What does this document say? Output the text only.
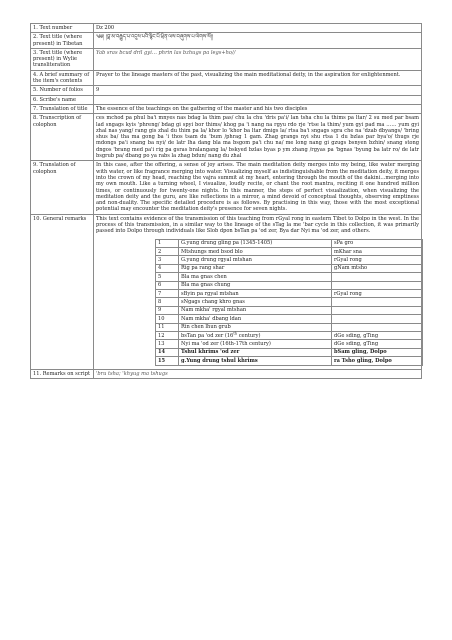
1. Text number	Dz 200
2. Text title (where present) in Tibetan	༄༅། །བླ་མ་བརྒྱུད་པ་འདུས་པའི་སྙིང་པོ་ཕྲིན་ལས་བཞུགས་པ་ལེགས་སོ།།
3. Text title (where present) in Wylie transliteration	Yab sras bcud dril gyi… phrin las bzhugs pa legs+ho//
4. A brief summary of the item's contents	Prayer to the lineage masters of the past, visualizing the main meditational deity, in the aspiration for enlightenment.
5. Number of folios	9
6. Scribe's name	
7. Translation of title	The essence of the teachings on the gathering of the master and his two disciples
8. Transcription of colophon	ces mchod pa phul ba'i mnyes nas bdag la thim pas/ chu la chu 'dris pa'i/ lan tsha chu la thims pa ltar/ 2 su med par bsam lad sngags kyis 'phreng/ bdag gi spyi bor thims/ khog pa 'i nang na rgyu rdo rje 'rtse la thim/ yum gyi pad ma …… yum gyi zhal nas yang/ rang gis zhal du thim pa la/ khor lo 'khor ba ltar dmigs la/ rtsa ba'i sngags sgra che na 'dzab dbyangs/ 'bring shus ba/ tha ma gong ba 'i thos tsam du 'bum /phrag 1 gam. Zhag grangs nyi shu rtsa 1 du bzlas par bya'o/ thugs rje mdongs pa'i snang ba nyi/ de latr lha dang bla ma bsgom pa'i chu na/ me long nang gi gzugs bsnyen bzhin/ snang stong dngos 'brang med pa'i rig pa gsras bralangang la/ bskyed bzlas byas p ym zhang /rgyas pa 'bgnas 'byung ba latr ro/ de latr bsgrub pa/ dbang po ya rabs la zhag bdun/ nang du zhal
9. Translation of colophon	In this case, after the offering, a sense of joy arises. The main meditation deity merges into my being, like water merging with water, or like fragrance merging into water. Visualizing myself as indistinguishable from the meditation deity, it merges into the crown of my head, reaching the vajra summit at my heart, entering through the mouth of the dakini…merging into my own mouth. Like a turning wheel, I visualize, loudly recite, or chant the root mantra, reciting it one hundred million times, or continuously for twenty-one nights. In this manner, the steps of perfect visualization, when visualizing the meditation deity and the guru, are like reflections in a mirror, a mind devoid of conceptual thoughts, observing emptiness and non-duality. The specific detailed procedure is as follows. By practising in this way, those with the most exceptional potential may encounter the meditation deity's presence for seven nights.
10. General remarks	This text contains evidence of the transmission of this teaching from rGyal rong in eastern Tibet to Dolpo in the west. In the process of this transmission, in a similar way to the lineage of the sTag la me 'bar cycle in this collection, it was primarily passed into Dolpo through individuals like Slob dpon bsTan pa 'od zer, Bya dar Nyi ma 'od zer, and others.
1	G.yung drung gling pa (1345-1405)	sPa gro
2	Mtshungs med bsod blo	mKhar sna
3	G.yung drung rgyal mtshan	rGyal rong
4	Rig pa rang shar	gNam mtsho
5	Bla ma gnas chen	
6	Bla ma gnas chung	
7	sByin pa rgyal mtshan	rGyal rong
8	sNgags chang khro gnas	
9	Nam mkha' rgyal mtshan	
10	Nam mkha' dbang ldan	
11	Rin chen lhun grub	
12	bsTan pa 'od zer (16th century)	dGe sding, gTing
13	Nyi ma 'od zer (16th-17th century)	dGe sding, gTing
14	Tshul khrims 'od zer	bSam gling, Dolpo
15	g.Yung drung tshul khrims	ra Tsho gling, Dolpo

11. Remarks on script	'bru tsha; 'khyug ma tshugs
